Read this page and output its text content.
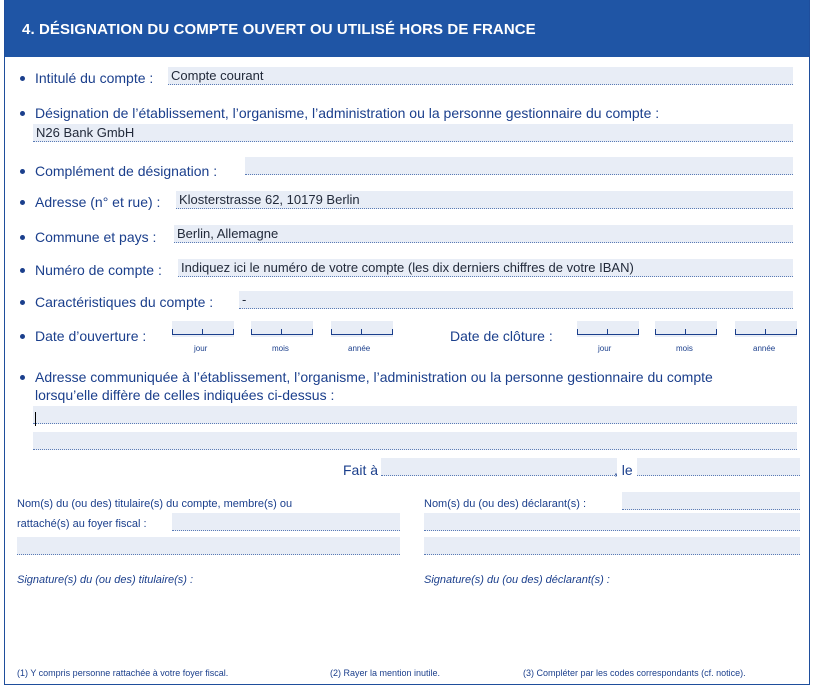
4. DÉSIGNATION DU COMPTE OUVERT OU UTILISÉ HORS DE FRANCE
Intitulé du compte : Compte courant
Désignation de l’établissement, l’organisme, l’administration ou la personne gestionnaire du compte :
N26 Bank GmbH
Complément de désignation :
Adresse (n° et rue) : Klosterstrasse 62, 10179 Berlin
Commune et pays : Berlin, Allemagne
Numéro de compte : Indiquez ici le numéro de votre compte (les dix derniers chiffres de votre IBAN)
Caractéristiques du compte : -
Date d’ouverture :
jour	mois	année
Date de clôture :
jour	mois	année
Adresse communiquée à l’établissement, l’organisme, l’administration ou la personne gestionnaire du compte
lorsqu’elle diffère de celles indiquées ci-dessus :
Fait à	, le
Nom(s) du (ou des) titulaire(s) du compte, membre(s) ou
rattaché(s) au foyer fiscal :
Nom(s) du (ou des) déclarant(s) :
Signature(s) du (ou des) titulaire(s) :	Signature(s) du (ou des) déclarant(s) :
(1) Y compris personne rattachée à votre foyer fiscal.	(2) Rayer la mention inutile.	(3) Compléter par les codes correspondants (cf. notice).
